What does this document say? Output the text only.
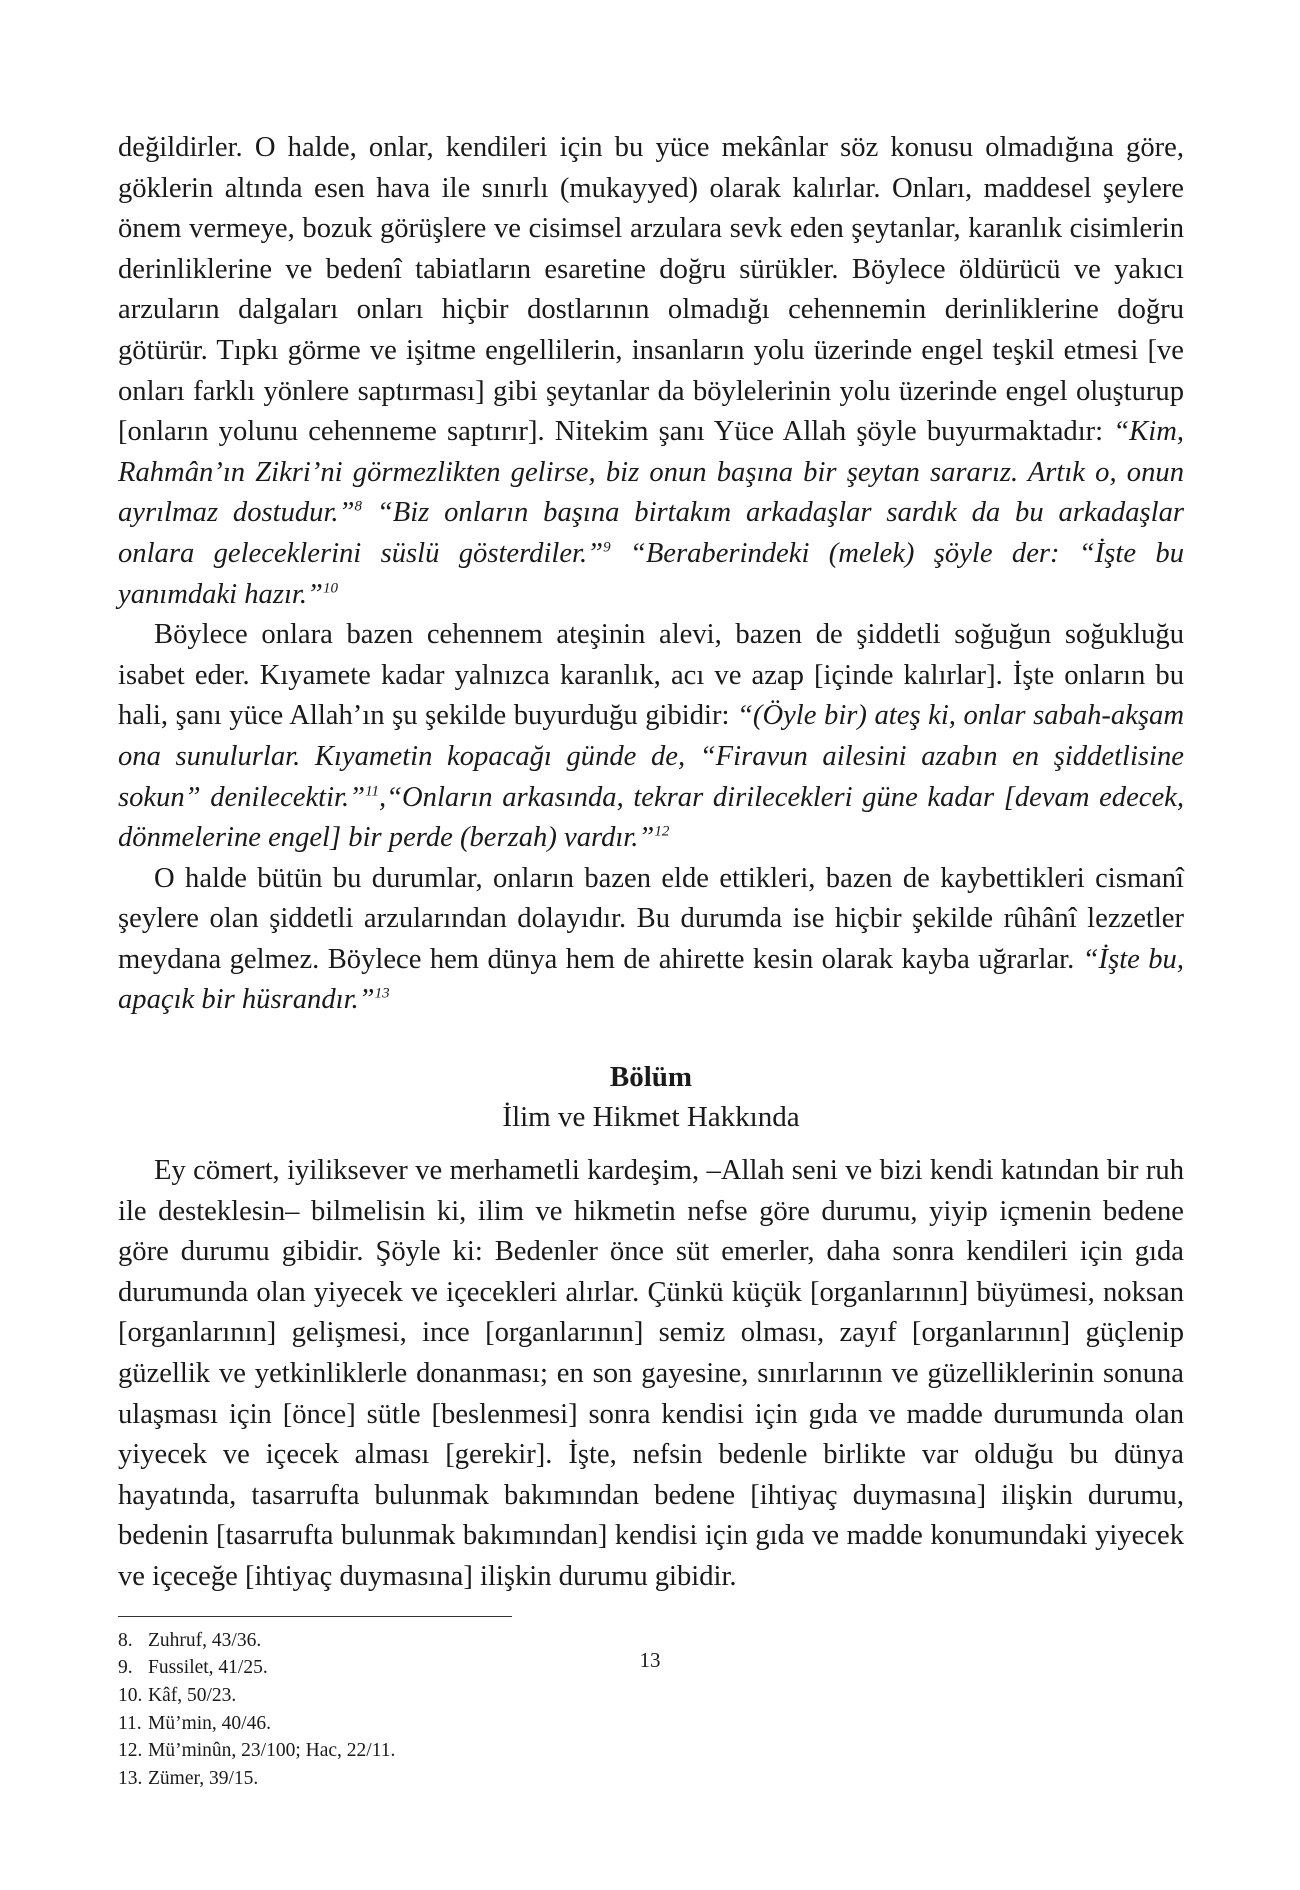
değildirler. O halde, onlar, kendileri için bu yüce mekânlar söz konusu olmadığına göre, göklerin altında esen hava ile sınırlı (mukayyed) olarak kalırlar. Onları, maddesel şeylere önem vermeye, bozuk görüşlere ve cisimsel arzulara sevk eden şeytanlar, karanlık cisimlerin derinliklerine ve bedenî tabiatların esaretine doğru sürükler. Böylece öldürücü ve yakıcı arzuların dalgaları onları hiçbir dostlarının olmadığı cehennemin derinliklerine doğru götürür. Tıpkı görme ve işitme engellilerin, insanların yolu üzerinde engel teşkil etmesi [ve onları farklı yönlere saptırması] gibi şeytanlar da böylelerinin yolu üzerinde engel oluşturup [onların yolunu cehenneme saptırır]. Nitekim şanı Yüce Allah şöyle buyurmaktadır: “Kim, Rahmân’ın Zikri’ni görmezlikten gelirse, biz onun başına bir şeytan sararız. Artık o, onun ayrılmaz dostudur.”$^8$ “Biz onların başına birtakım arkadaşlar sardık da bu arkadaşlar onlara geleceklerini süslü gösterdiler.”$^9$ “Beraberindeki (melek) şöyle der: “İşte bu yanımdaki hazır.”$^{10}$

Böylece onlara bazen cehennem ateşinin alevi, bazen de şiddetli soğuğun soğukluğu isabet eder. Kıyamete kadar yalnızca karanlık, acı ve azap [içinde kalırlar]. İşte onların bu hali, şanı yüce Allah’ın şu şekilde buyurduğu gibidir: “(Öyle bir) ateş ki, onlar sabah-akşam ona sunulurlar. Kıyametin kopacağı günde de, “Firavun ailesini azabın en şiddetlisine sokun” denilecektir.”$^{11}$,“Onların arkasında, tekrar dirilecekleri güne kadar [devam edecek, dönmelerine engel] bir perde (berzah) vardır.”$^{12}$

O halde bütün bu durumlar, onların bazen elde ettikleri, bazen de kaybettikleri cismanî şeylere olan şiddetli arzularından dolayıdır. Bu durumda ise hiçbir şekilde rûhânî lezzetler meydana gelmez. Böylece hem dünya hem de ahirette kesin olarak kayba uğrarlar. “İşte bu, apaçık bir hüsrandır.”$^{13}$

Bölüm
İlim ve Hikmet Hakkında

Ey cömert, iyiliksever ve merhametli kardeşim, –Allah seni ve bizi kendi katından bir ruh ile desteklesin– bilmelisin ki, ilim ve hikmetin nefse göre durumu, yiyip içmenin bedene göre durumu gibidir. Şöyle ki: Bedenler önce süt emerler, daha sonra kendileri için gıda durumunda olan yiyecek ve içecekleri alırlar. Çünkü küçük [organlarının] büyümesi, noksan [organlarının] gelişmesi, ince [organlarının] semiz olması, zayıf [organlarının] güçlenip güzellik ve yetkinliklerle donanması; en son gayesine, sınırlarının ve güzelliklerinin sonuna ulaşması için [önce] sütle [beslenmesi] sonra kendisi için gıda ve madde durumunda olan yiyecek ve içecek alması [gerekir]. İşte, nefsin bedenle birlikte var olduğu bu dünya hayatında, tasarrufta bulunmak bakımından bedene [ihtiyaç duymasına] ilişkin durumu, bedenin [tasarrufta bulunmak bakımından] kendisi için gıda ve madde konumundaki yiyecek ve içeceğe [ihtiyaç duymasına] ilişkin durumu gibidir.

8. Zuhruf, 43/36.
9. Fussilet, 41/25.
10. Kâf, 50/23.
11. Mü’min, 40/46.
12. Mü’minûn, 23/100; Hac, 22/11.
13. Zümer, 39/15.
13
